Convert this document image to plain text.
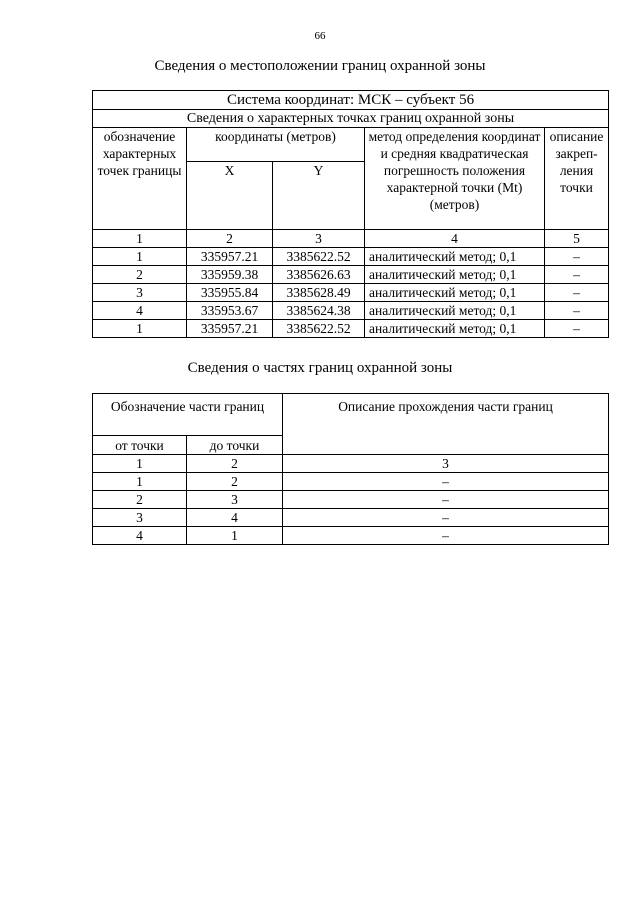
66
Сведения о местоположении границ охранной зоны
Система координат: МСК – субъект 56				
Сведения о характерных точках границ охранной зоны				
обозначение характерных точек границы	координаты (метров)		метод определения координат и средняя квадратическая погрешность положения характерной точки (Mt) (метров)	описание закреп-ления точки
	X	Y		
1	2	3	4	5
1	335957.21	3385622.52	аналитический метод; 0,1	–
2	335959.38	3385626.63	аналитический метод; 0,1	–
3	335955.84	3385628.49	аналитический метод; 0,1	–
4	335953.67	3385624.38	аналитический метод; 0,1	–
1	335957.21	3385622.52	аналитический метод; 0,1	–
Сведения о частях границ охранной зоны
Обозначение части границ		Описание прохождения части границ
от точки	до точки	
1	2	3
1	2	–
2	3	–
3	4	–
4	1	–
